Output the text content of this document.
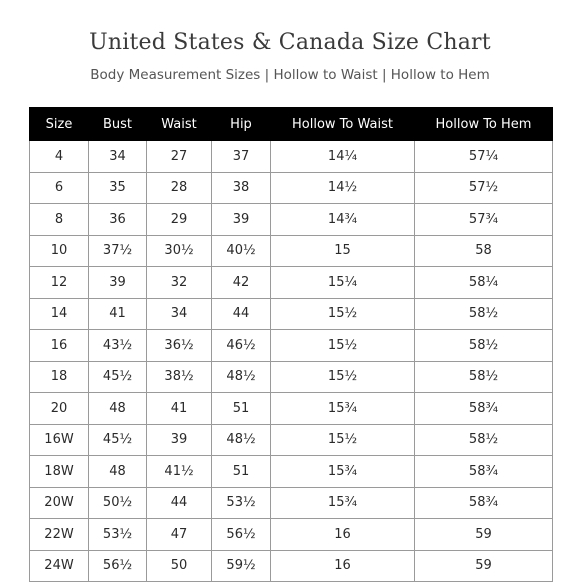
United States & Canada Size Chart
Body Measurement Sizes | Hollow to Waist | Hollow to Hem
Size	Bust	Waist	Hip	Hollow To Waist	Hollow To Hem
4	34	27	37	14¼	57¼
6	35	28	38	14½	57½
8	36	29	39	14¾	57¾
10	37½	30½	40½	15	58
12	39	32	42	15¼	58¼
14	41	34	44	15½	58½
16	43½	36½	46½	15½	58½
18	45½	38½	48½	15½	58½
20	48	41	51	15¾	58¾
16W	45½	39	48½	15½	58½
18W	48	41½	51	15¾	58¾
20W	50½	44	53½	15¾	58¾
22W	53½	47	56½	16	59
24W	56½	50	59½	16	59
